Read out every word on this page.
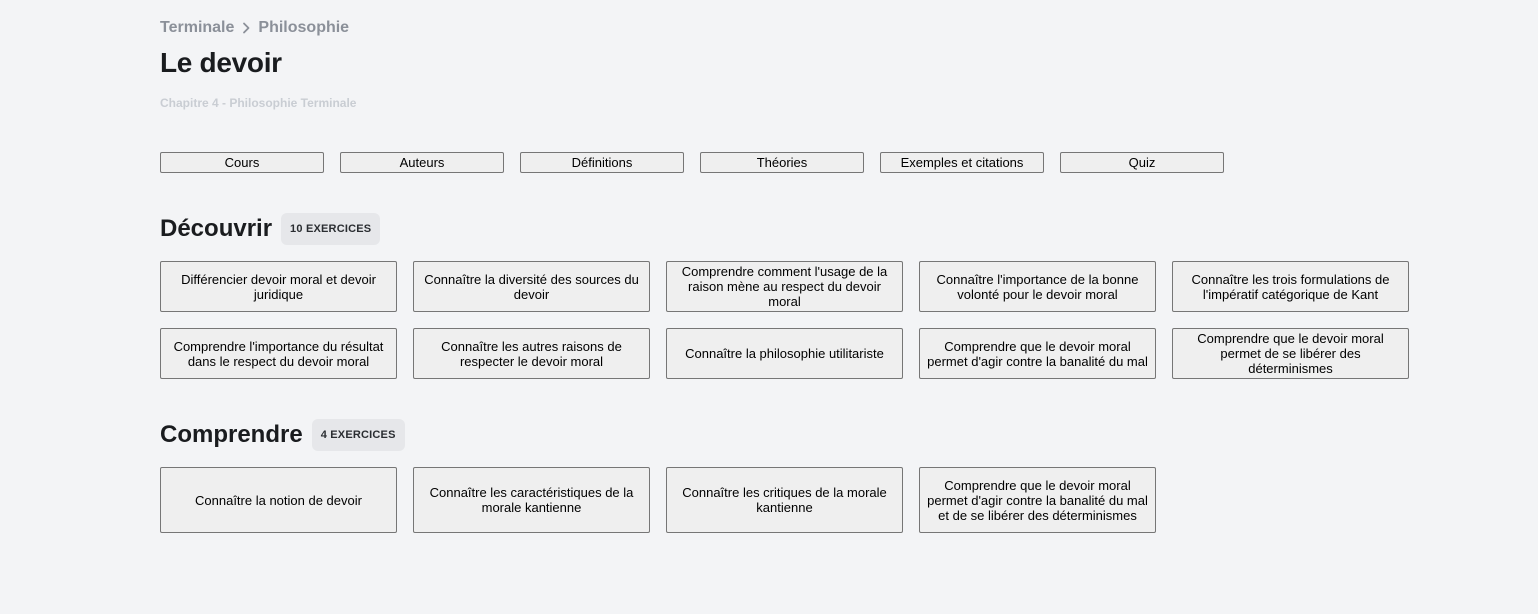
Terminale Philosophie
Le devoir
Chapitre 4 - Philosophie Terminale
Cours	Auteurs	Définitions	Théories	Exemples et citations	Quiz
Découvrir	10 EXERCICES
Différencier devoir moral et devoir juridique
Connaître la diversité des sources du devoir
Comprendre comment l'usage de la raison mène au respect du devoir moral
Connaître l'importance de la bonne volonté pour le devoir moral
Connaître les trois formulations de l'impératif catégorique de Kant
Comprendre l'importance du résultat dans le respect du devoir moral
Connaître les autres raisons de respecter le devoir moral	Connaître la philosophie utilitariste	Comprendre que le devoir moral permet d'agir contre la banalité du mal
Comprendre que le devoir moral permet de se libérer des déterminismes
Comprendre	4 EXERCICES
Connaître la notion de devoir	Connaître les caractéristiques de la morale kantienne
Connaître les critiques de la morale kantienne
Comprendre que le devoir moral permet d'agir contre la banalité du mal et de se libérer des déterminismes
